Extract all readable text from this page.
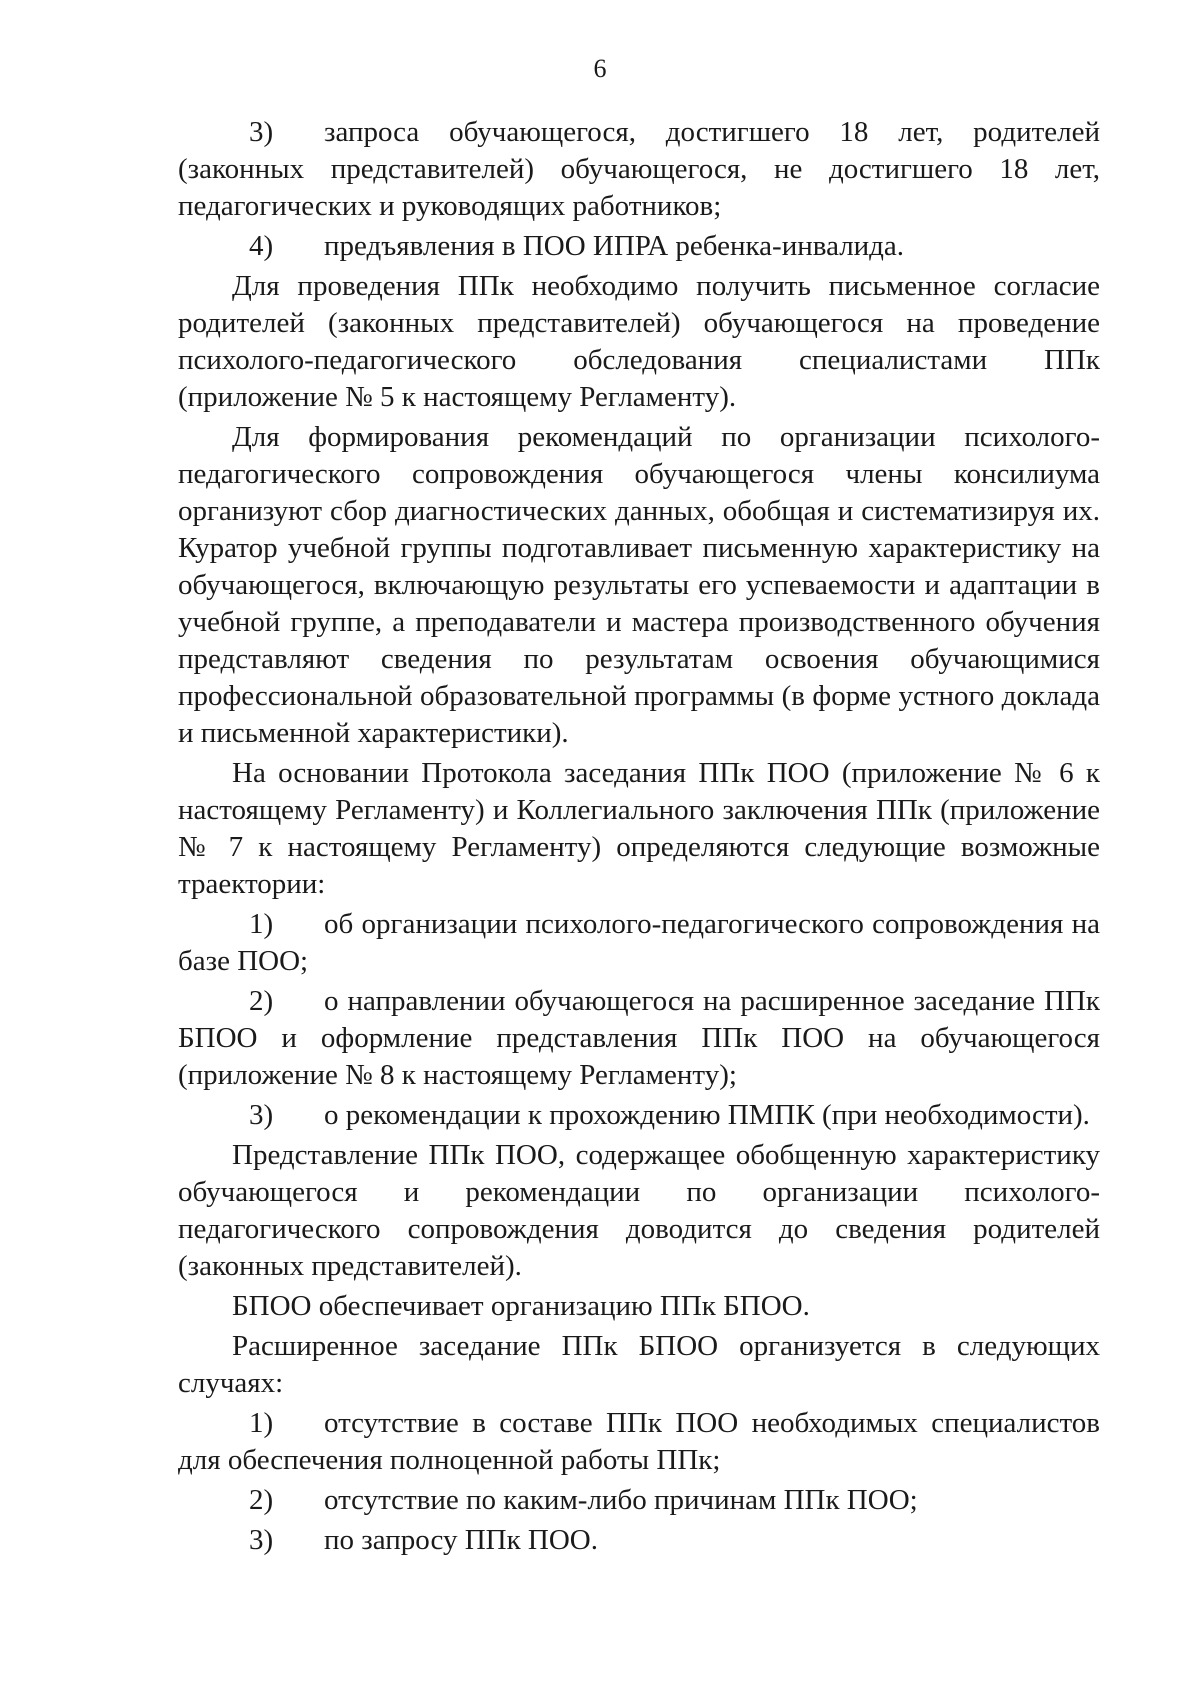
6
3) запроса обучающегося, достигшего 18 лет, родителей (законных представителей) обучающегося, не достигшего 18 лет, педагогических и руководящих работников;
4) предъявления в ПОО ИПРА ребенка-инвалида.
Для проведения ППк необходимо получить письменное согласие родителей (законных представителей) обучающегося на проведение психолого-педагогического обследования специалистами ППк (приложение № 5 к настоящему Регламенту).
Для формирования рекомендаций по организации психолого-педагогического сопровождения обучающегося члены консилиума организуют сбор диагностических данных, обобщая и систематизируя их. Куратор учебной группы подготавливает письменную характеристику на обучающегося, включающую результаты его успеваемости и адаптации в учебной группе, а преподаватели и мастера производственного обучения представляют сведения по результатам освоения обучающимися профессиональной образовательной программы (в форме устного доклада и письменной характеристики).
На основании Протокола заседания ППк ПОО (приложение № 6 к настоящему Регламенту) и Коллегиального заключения ППк (приложение № 7 к настоящему Регламенту) определяются следующие возможные траектории:
1) об организации психолого-педагогического сопровождения на базе ПОО;
2) о направлении обучающегося на расширенное заседание ППк БПОО и оформление представления ППк ПОО на обучающегося (приложение № 8 к настоящему Регламенту);
3) о рекомендации к прохождению ПМПК (при необходимости).
Представление ППк ПОО, содержащее обобщенную характеристику обучающегося и рекомендации по организации психолого-педагогического сопровождения доводится до сведения родителей (законных представителей).
БПОО обеспечивает организацию ППк БПОО.
Расширенное заседание ППк БПОО организуется в следующих случаях:
1) отсутствие в составе ППк ПОО необходимых специалистов для обеспечения полноценной работы ППк;
2) отсутствие по каким-либо причинам ППк ПОО;
3) по запросу ППк ПОО.
